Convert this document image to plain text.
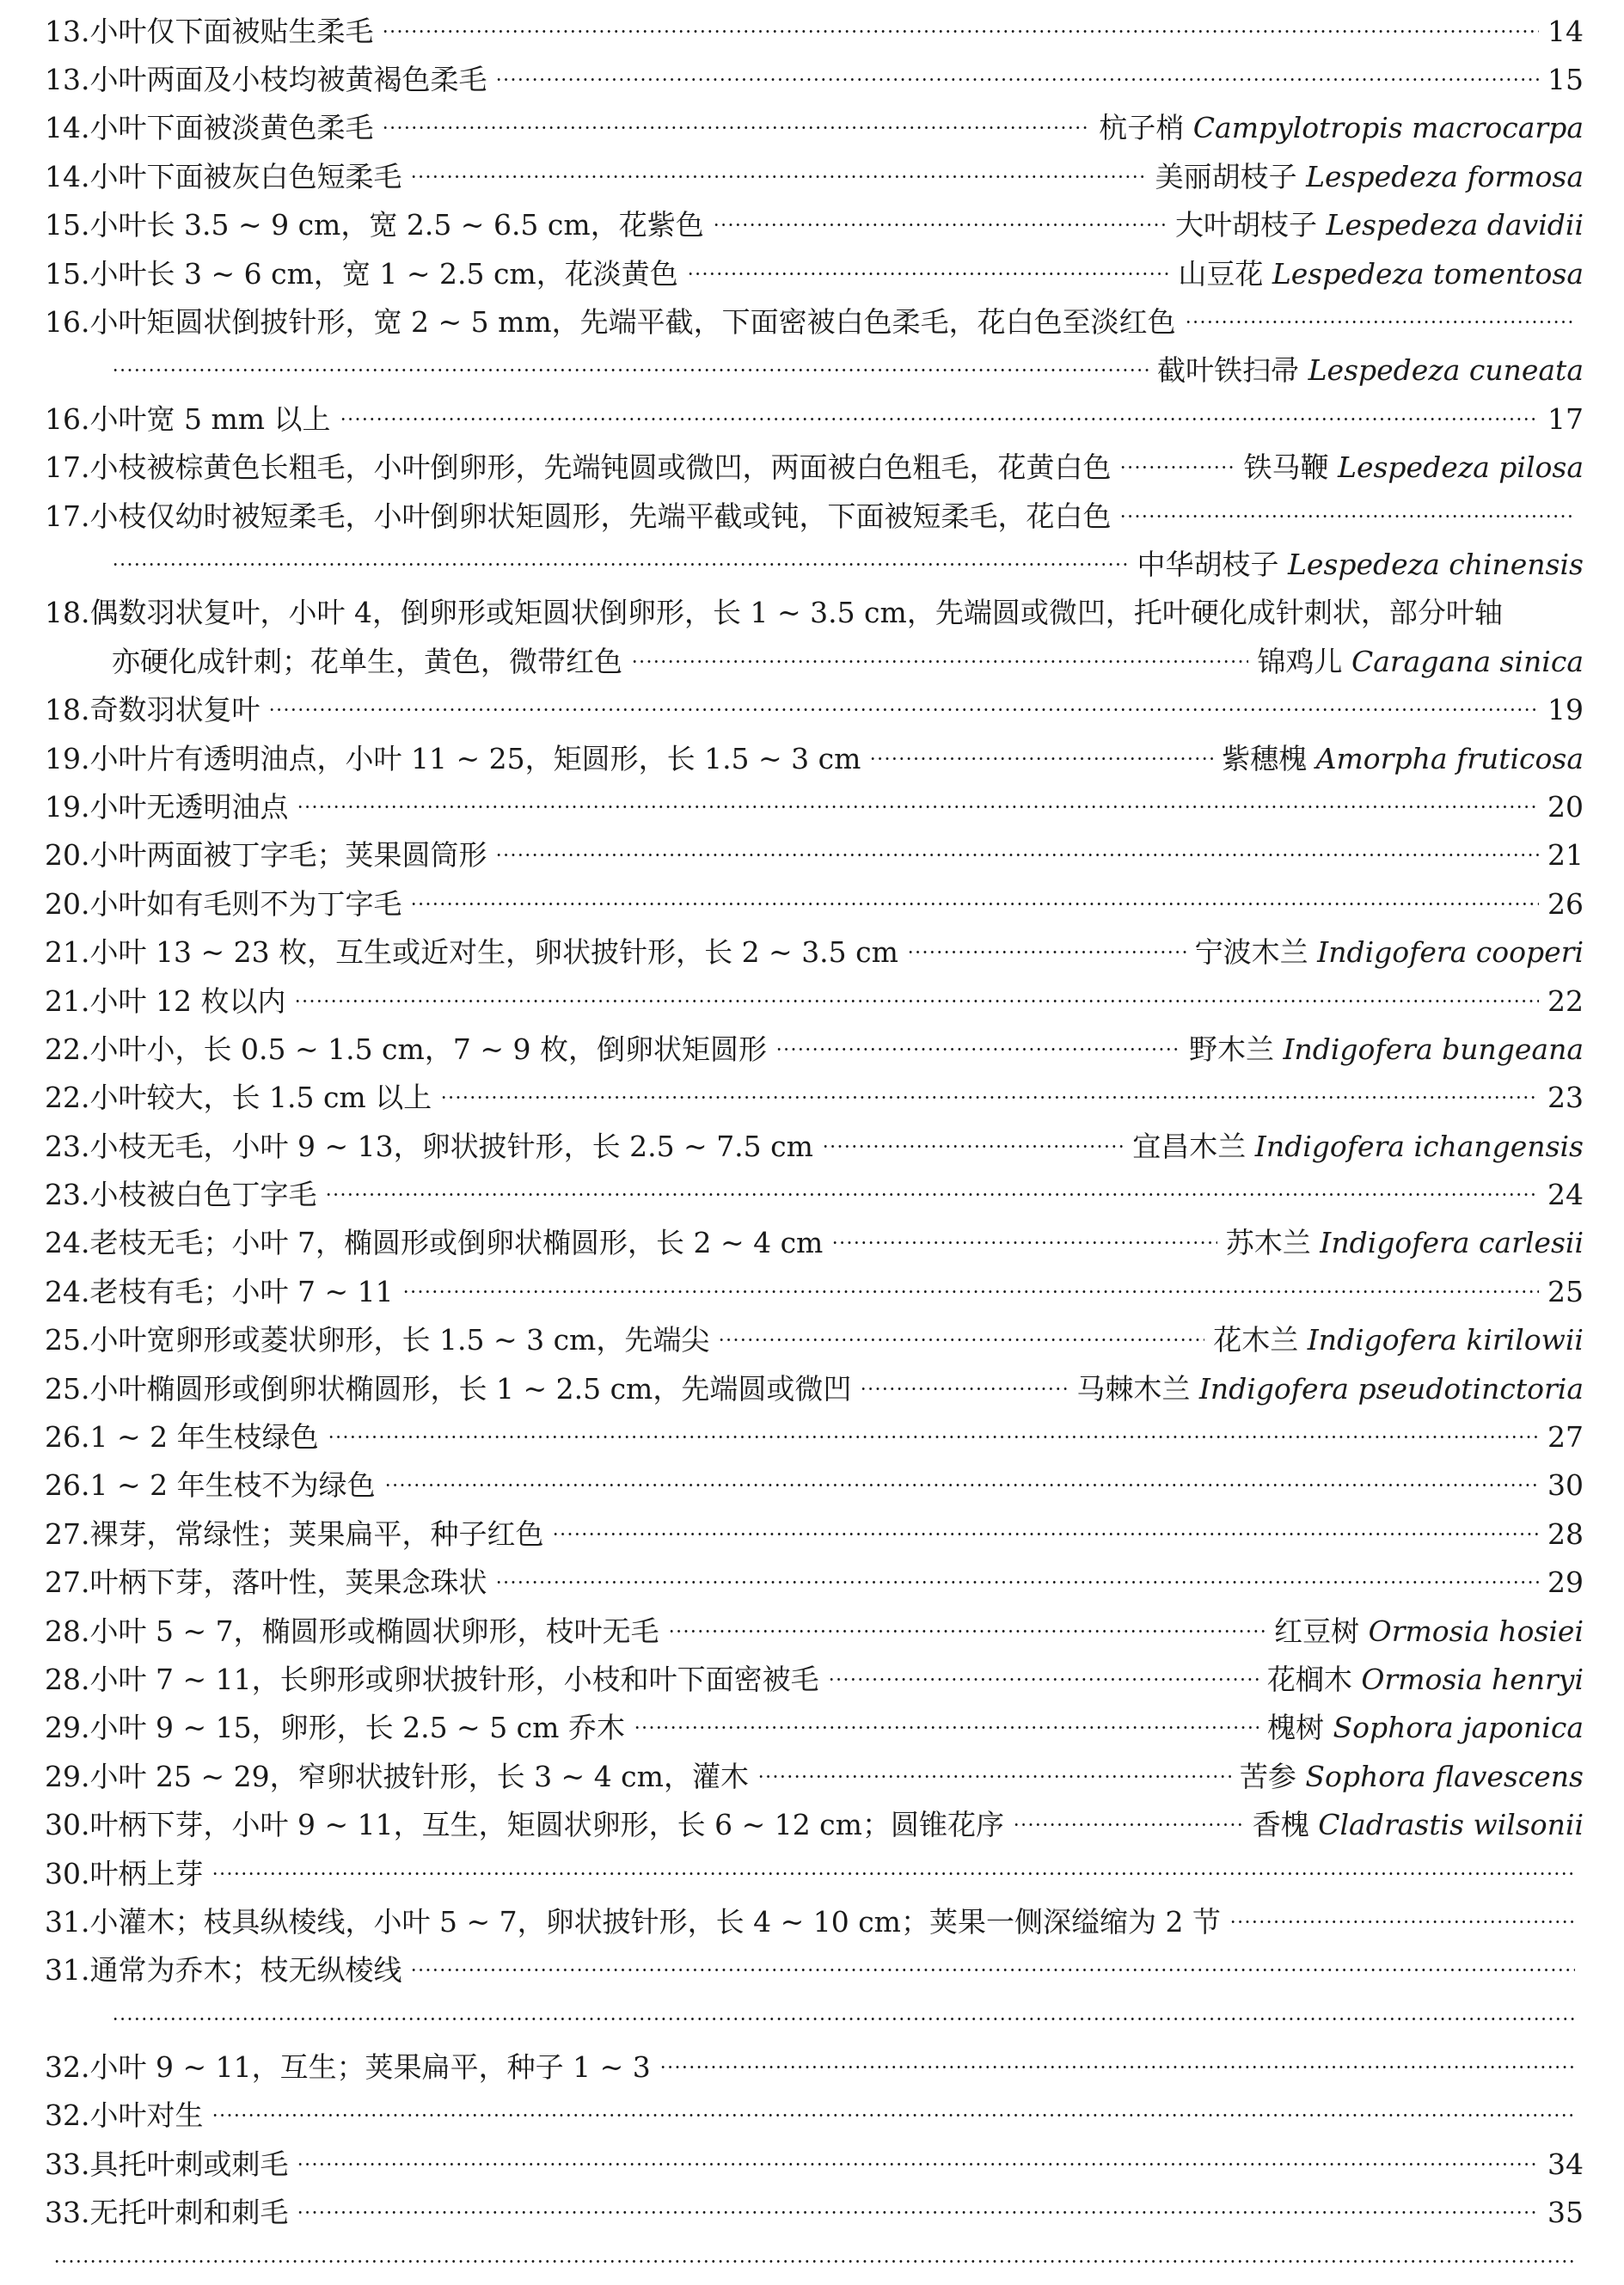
13. 小叶仅下面被贴生柔毛	14
13. 小叶两面及小枝均被黄褐色柔毛	15
14. 小叶下面被淡黄色柔毛	杭子梢 Campylotropis macrocarpa
14. 小叶下面被灰白色短柔毛	美丽胡枝子 Lespedeza formosa
15. 小叶长 3.5 ~ 9 cm，宽 2.5 ~ 6.5 cm，花紫色	大叶胡枝子 Lespedeza davidii
15. 小叶长 3 ~ 6 cm，宽 1 ~ 2.5 cm，花淡黄色	山豆花 Lespedeza tomentosa
16. 小叶矩圆状倒披针形，宽 2 ~ 5 mm，先端平截，下面密被白色柔毛，花白色至淡红色
截叶铁扫帚 Lespedeza cuneata
16. 小叶宽 5 mm 以上	17
17. 小枝被棕黄色长粗毛，小叶倒卵形，先端钝圆或微凹，两面被白色粗毛，花黄白色	铁马鞭 Lespedeza pilosa
17. 小枝仅幼时被短柔毛，小叶倒卵状矩圆形，先端平截或钝，下面被短柔毛，花白色
中华胡枝子 Lespedeza chinensis
18. 偶数羽状复叶，小叶 4，倒卵形或矩圆状倒卵形，长 1 ~ 3.5 cm，先端圆或微凹，托叶硬化成针刺状，部分叶轴
亦硬化成针刺；花单生，黄色，微带红色	锦鸡儿 Caragana sinica
18. 奇数羽状复叶	19
19. 小叶片有透明油点，小叶 11 ~ 25，矩圆形，长 1.5 ~ 3 cm	紫穗槐 Amorpha fruticosa
19. 小叶无透明油点	20
20. 小叶两面被丁字毛；荚果圆筒形	21
20. 小叶如有毛则不为丁字毛	26
21. 小叶 13 ~ 23 枚，互生或近对生，卵状披针形，长 2 ~ 3.5 cm	宁波木兰 Indigofera cooperi
21. 小叶 12 枚以内	22
22. 小叶小，长 0.5 ~ 1.5 cm，7 ~ 9 枚，倒卵状矩圆形	野木兰 Indigofera bungeana
22. 小叶较大，长 1.5 cm 以上	23
23. 小枝无毛，小叶 9 ~ 13，卵状披针形，长 2.5 ~ 7.5 cm	宜昌木兰 Indigofera ichangensis
23. 小枝被白色丁字毛	24
24. 老枝无毛；小叶 7，椭圆形或倒卵状椭圆形，长 2 ~ 4 cm	苏木兰 Indigofera carlesii
24. 老枝有毛；小叶 7 ~ 11	25
25. 小叶宽卵形或菱状卵形，长 1.5 ~ 3 cm，先端尖	花木兰 Indigofera kirilowii
25. 小叶椭圆形或倒卵状椭圆形，长 1 ~ 2.5 cm，先端圆或微凹	马棘木兰 Indigofera pseudotinctoria
26. 1 ~ 2 年生枝绿色	27
26. 1 ~ 2 年生枝不为绿色	30
27. 裸芽，常绿性；荚果扁平，种子红色	28
27. 叶柄下芽，落叶性，荚果念珠状	29
28. 小叶 5 ~ 7，椭圆形或椭圆状卵形，枝叶无毛	红豆树 Ormosia hosiei
28. 小叶 7 ~ 11，长卵形或卵状披针形，小枝和叶下面密被毛	花榈木 Ormosia henryi
29. 小叶 9 ~ 15，卵形，长 2.5 ~ 5 cm 乔木	槐树 Sophora japonica
29. 小叶 25 ~ 29，窄卵状披针形，长 3 ~ 4 cm，灌木	苦参 Sophora flavescens
30. 叶柄下芽，小叶 9 ~ 11，互生，矩圆状卵形，长 6 ~ 12 cm；圆锥花序	香槐 Cladrastis wilsonii
30. 叶柄上芽
31. 小灌木；枝具纵棱线，小叶 5 ~ 7，卵状披针形，长 4 ~ 10 cm；荚果一侧深缢缩为 2 节
31. 通常为乔木；枝无纵棱线
32. 小叶 9 ~ 11，互生；荚果扁平，种子 1 ~ 3
32. 小叶对生
33. 具托叶刺或刺毛	34
33. 无托叶刺和刺毛	35
